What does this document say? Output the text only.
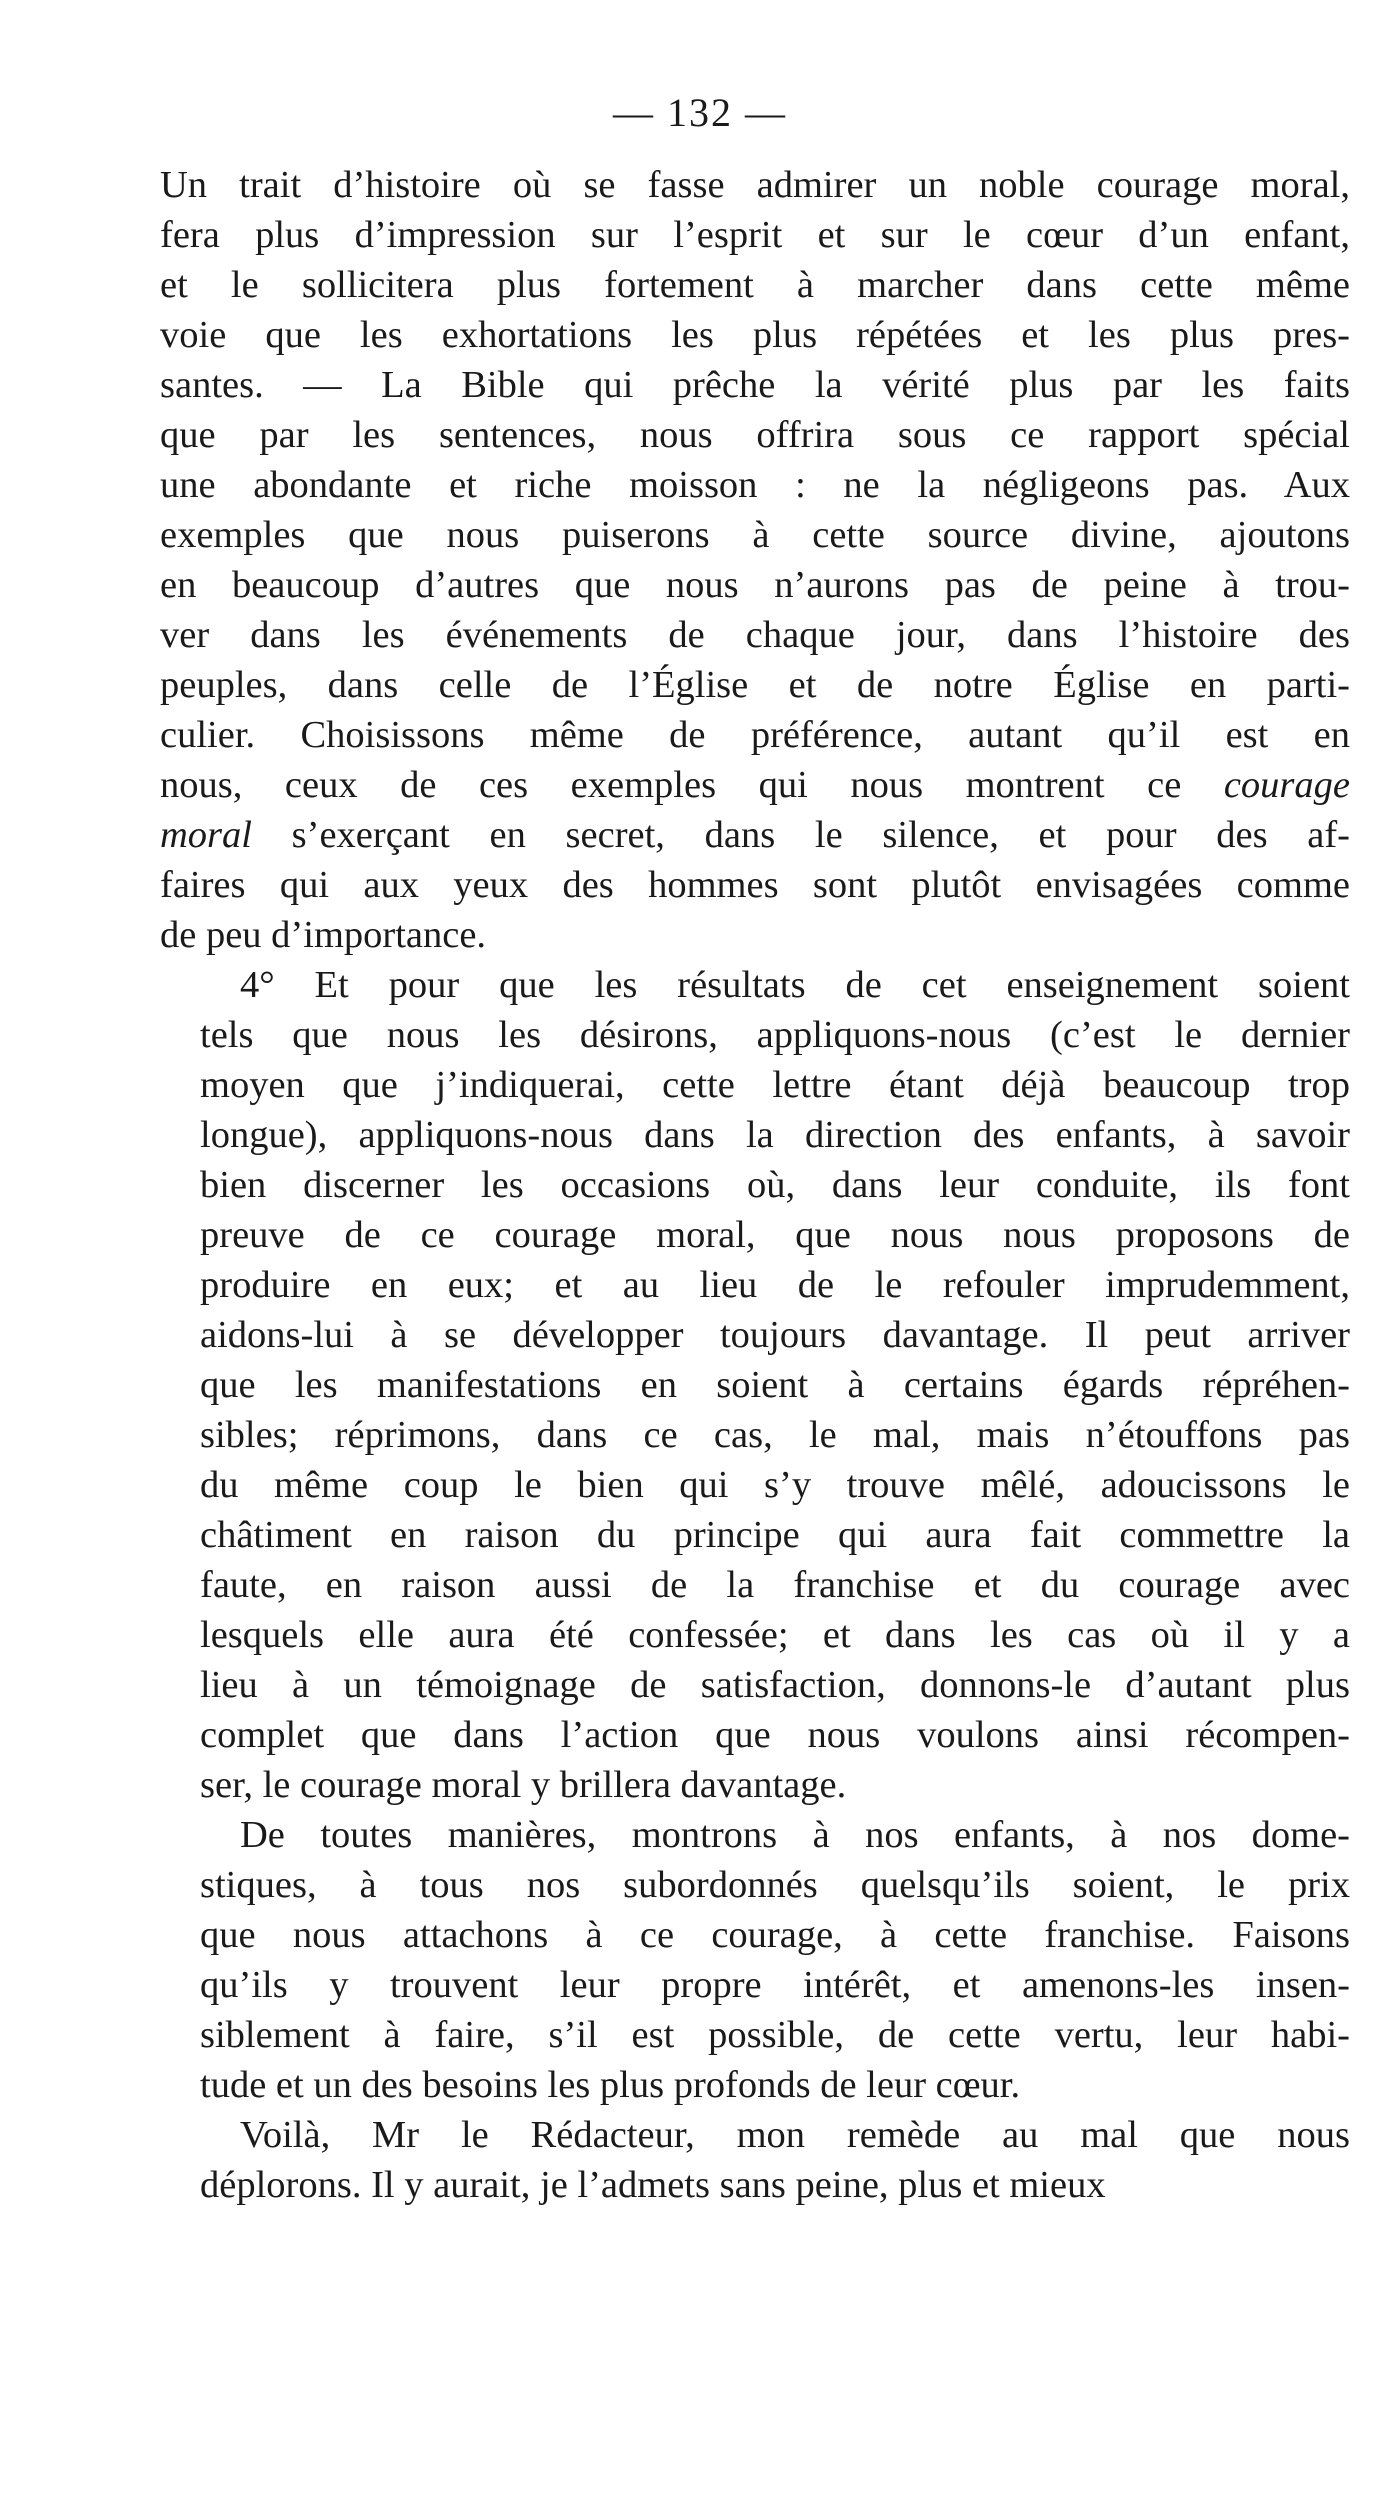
— 132 —
Un trait d’histoire où se fasse admirer un noble courage moral,
fera plus d’impression sur l’esprit et sur le cœur d’un enfant,
et le sollicitera plus fortement à marcher dans cette même
voie que les exhortations les plus répétées et les plus pres-
santes. — La Bible qui prêche la vérité plus par les faits
que par les sentences, nous offrira sous ce rapport spécial
une abondante et riche moisson : ne la négligeons pas. Aux
exemples que nous puiserons à cette source divine, ajoutons
en beaucoup d’autres que nous n’aurons pas de peine à trou-
ver dans les événements de chaque jour, dans l’histoire des
peuples, dans celle de l’Église et de notre Église en parti-
culier. Choisissons même de préférence, autant qu’il est en
nous, ceux de ces exemples qui nous montrent ce courage
moral s’exerçant en secret, dans le silence, et pour des af-
faires qui aux yeux des hommes sont plutôt envisagées comme
de peu d’importance.
4° Et pour que les résultats de cet enseignement soient
tels que nous les désirons, appliquons-nous (c’est le dernier
moyen que j’indiquerai, cette lettre étant déjà beaucoup trop
longue), appliquons-nous dans la direction des enfants, à savoir
bien discerner les occasions où, dans leur conduite, ils font
preuve de ce courage moral, que nous nous proposons de
produire en eux; et au lieu de le refouler imprudemment,
aidons-lui à se développer toujours davantage. Il peut arriver
que les manifestations en soient à certains égards répréhen-
sibles; réprimons, dans ce cas, le mal, mais n’étouffons pas
du même coup le bien qui s’y trouve mêlé, adoucissons le
châtiment en raison du principe qui aura fait commettre la
faute, en raison aussi de la franchise et du courage avec
lesquels elle aura été confessée; et dans les cas où il y a
lieu à un témoignage de satisfaction, donnons-le d’autant plus
complet que dans l’action que nous voulons ainsi récompen-
ser, le courage moral y brillera davantage.
De toutes manières, montrons à nos enfants, à nos dome-
stiques, à tous nos subordonnés quelsqu’ils soient, le prix
que nous attachons à ce courage, à cette franchise. Faisons
qu’ils y trouvent leur propre intérêt, et amenons-les insen-
siblement à faire, s’il est possible, de cette vertu, leur habi-
tude et un des besoins les plus profonds de leur cœur.
Voilà, Mr le Rédacteur, mon remède au mal que nous
déplorons. Il y aurait, je l’admets sans peine, plus et mieux
